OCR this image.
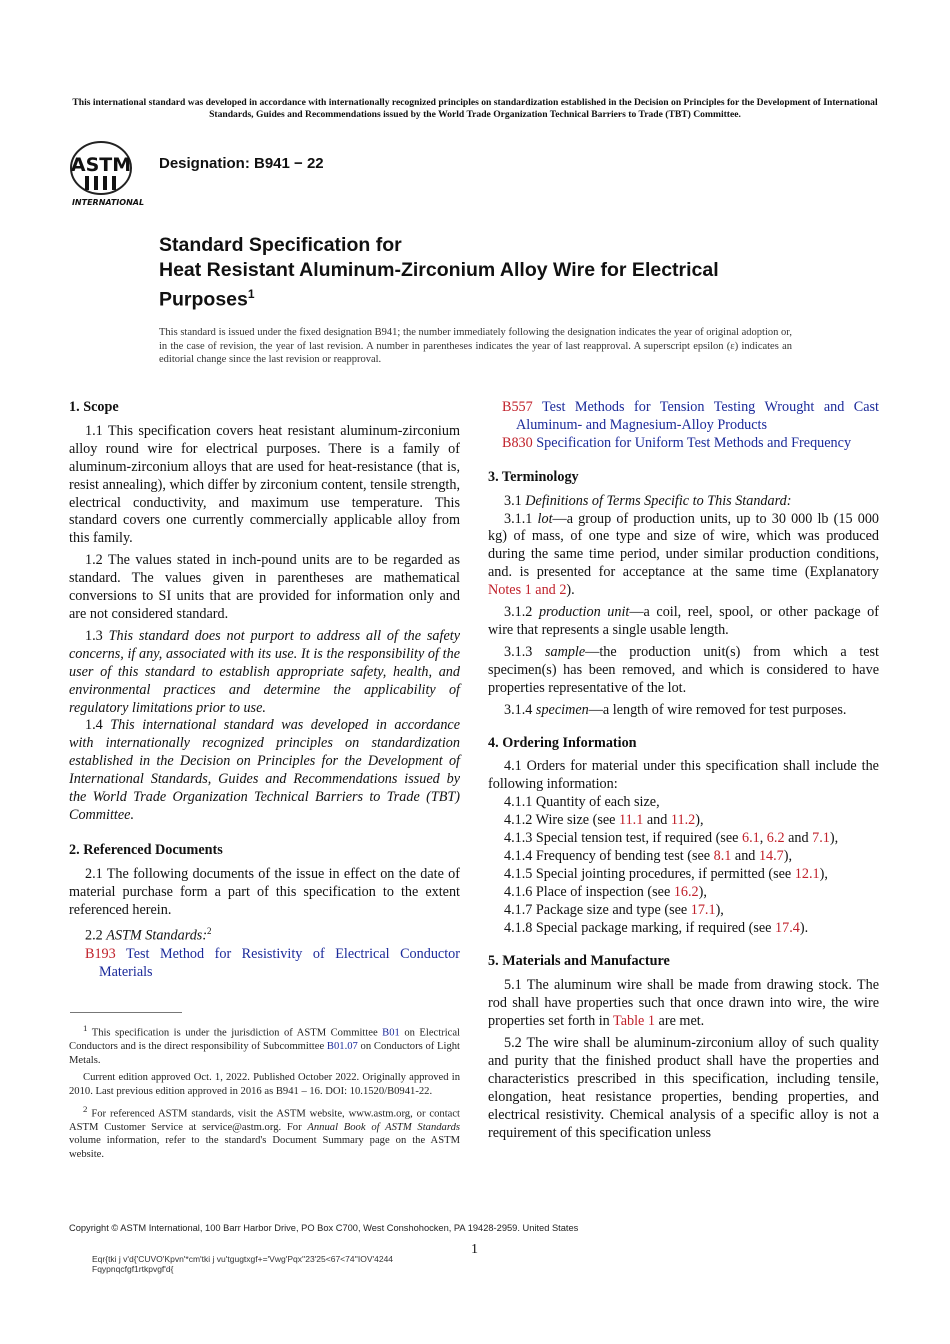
This international standard was developed in accordance with internationally recognized principles on standardization established in the Decision on Principles for the Development of International Standards, Guides and Recommendations issued by the World Trade Organization Technical Barriers to Trade (TBT) Committee.
ASTM
INTERNATIONAL
Designation: B941 − 22
Standard Specification for
Heat Resistant Aluminum-Zirconium Alloy Wire for Electrical
Purposes$^1$
This standard is issued under the fixed designation B941; the number immediately following the designation indicates the year of original adoption or, in the case of revision, the year of last revision. A number in parentheses indicates the year of last reapproval. A superscript epsilon (ε) indicates an editorial change since the last revision or reapproval.

1. Scope

1.1 This specification covers heat resistant aluminum-zirconium alloy round wire for electrical purposes. There is a family of aluminum-zirconium alloys that are used for heat-resistance (that is, resist annealing), which differ by zirconium content, tensile strength, electrical conductivity, and maximum use temperature. This standard covers one currently commercially applicable alloy from this family.

1.2 The values stated in inch-pound units are to be regarded as standard. The values given in parentheses are mathematical conversions to SI units that are provided for information only and are not considered standard.

1.3 This standard does not purport to address all of the safety concerns, if any, associated with its use. It is the responsibility of the user of this standard to establish appropriate safety, health, and environmental practices and determine the applicability of regulatory limitations prior to use.

1.4 This international standard was developed in accordance with internationally recognized principles on standardization established in the Decision on Principles for the Development of International Standards, Guides and Recommendations issued by the World Trade Organization Technical Barriers to Trade (TBT) Committee.

2. Referenced Documents

2.1 The following documents of the issue in effect on the date of material purchase form a part of this specification to the extent referenced herein.

2.2 ASTM Standards:$^2$

B193 Test Method for Resistivity of Electrical Conductor Materials

$^1$ This specification is under the jurisdiction of ASTM Committee B01 on Electrical Conductors and is the direct responsibility of Subcommittee B01.07 on Conductors of Light Metals.

Current edition approved Oct. 1, 2022. Published October 2022. Originally approved in 2010. Last previous edition approved in 2016 as B941 – 16. DOI: 10.1520/B0941-22.

$^2$ For referenced ASTM standards, visit the ASTM website, www.astm.org, or contact ASTM Customer Service at service@astm.org. For Annual Book of ASTM Standards volume information, refer to the standard's Document Summary page on the ASTM website.

B557 Test Methods for Tension Testing Wrought and Cast Aluminum- and Magnesium-Alloy Products

B830 Specification for Uniform Test Methods and Frequency

3. Terminology

3.1 Definitions of Terms Specific to This Standard:

3.1.1 lot—a group of production units, up to 30 000 lb (15 000 kg) of mass, of one type and size of wire, which was produced during the same time period, under similar production conditions, and. is presented for acceptance at the same time (Explanatory Notes 1 and 2).

3.1.2 production unit—a coil, reel, spool, or other package of wire that represents a single usable length.

3.1.3 sample—the production unit(s) from which a test specimen(s) has been removed, and which is considered to have properties representative of the lot.

3.1.4 specimen—a length of wire removed for test purposes.

4. Ordering Information

4.1 Orders for material under this specification shall include the following information:

4.1.1 Quantity of each size,
4.1.2 Wire size (see 11.1 and 11.2),
4.1.3 Special tension test, if required (see 6.1, 6.2 and 7.1),
4.1.4 Frequency of bending test (see 8.1 and 14.7),
4.1.5 Special jointing procedures, if permitted (see 12.1),
4.1.6 Place of inspection (see 16.2),
4.1.7 Package size and type (see 17.1),
4.1.8 Special package marking, if required (see 17.4).

5. Materials and Manufacture

5.1 The aluminum wire shall be made from drawing stock. The rod shall have properties such that once drawn into wire, the wire properties set forth in Table 1 are met.

5.2 The wire shall be aluminum-zirconium alloy of such quality and purity that the finished product shall have the properties and characteristics prescribed in this specification, including tensile, elongation, heat resistance properties, bending properties, and electrical resistivity. Chemical analysis of a specific alloy is not a requirement of this specification unless

Copyright © ASTM International, 100 Barr Harbor Drive, PO Box C700, West Conshohocken, PA 19428-2959. United States
1
Eqr{tki j v'd{'CUVO'Kpvn'*cm'tki j vu'tgugtxgf+='Vwg'Pqx''23'25<67<74''IOV'4244
Fqypnqcfgf1rtkpvgf'd{
